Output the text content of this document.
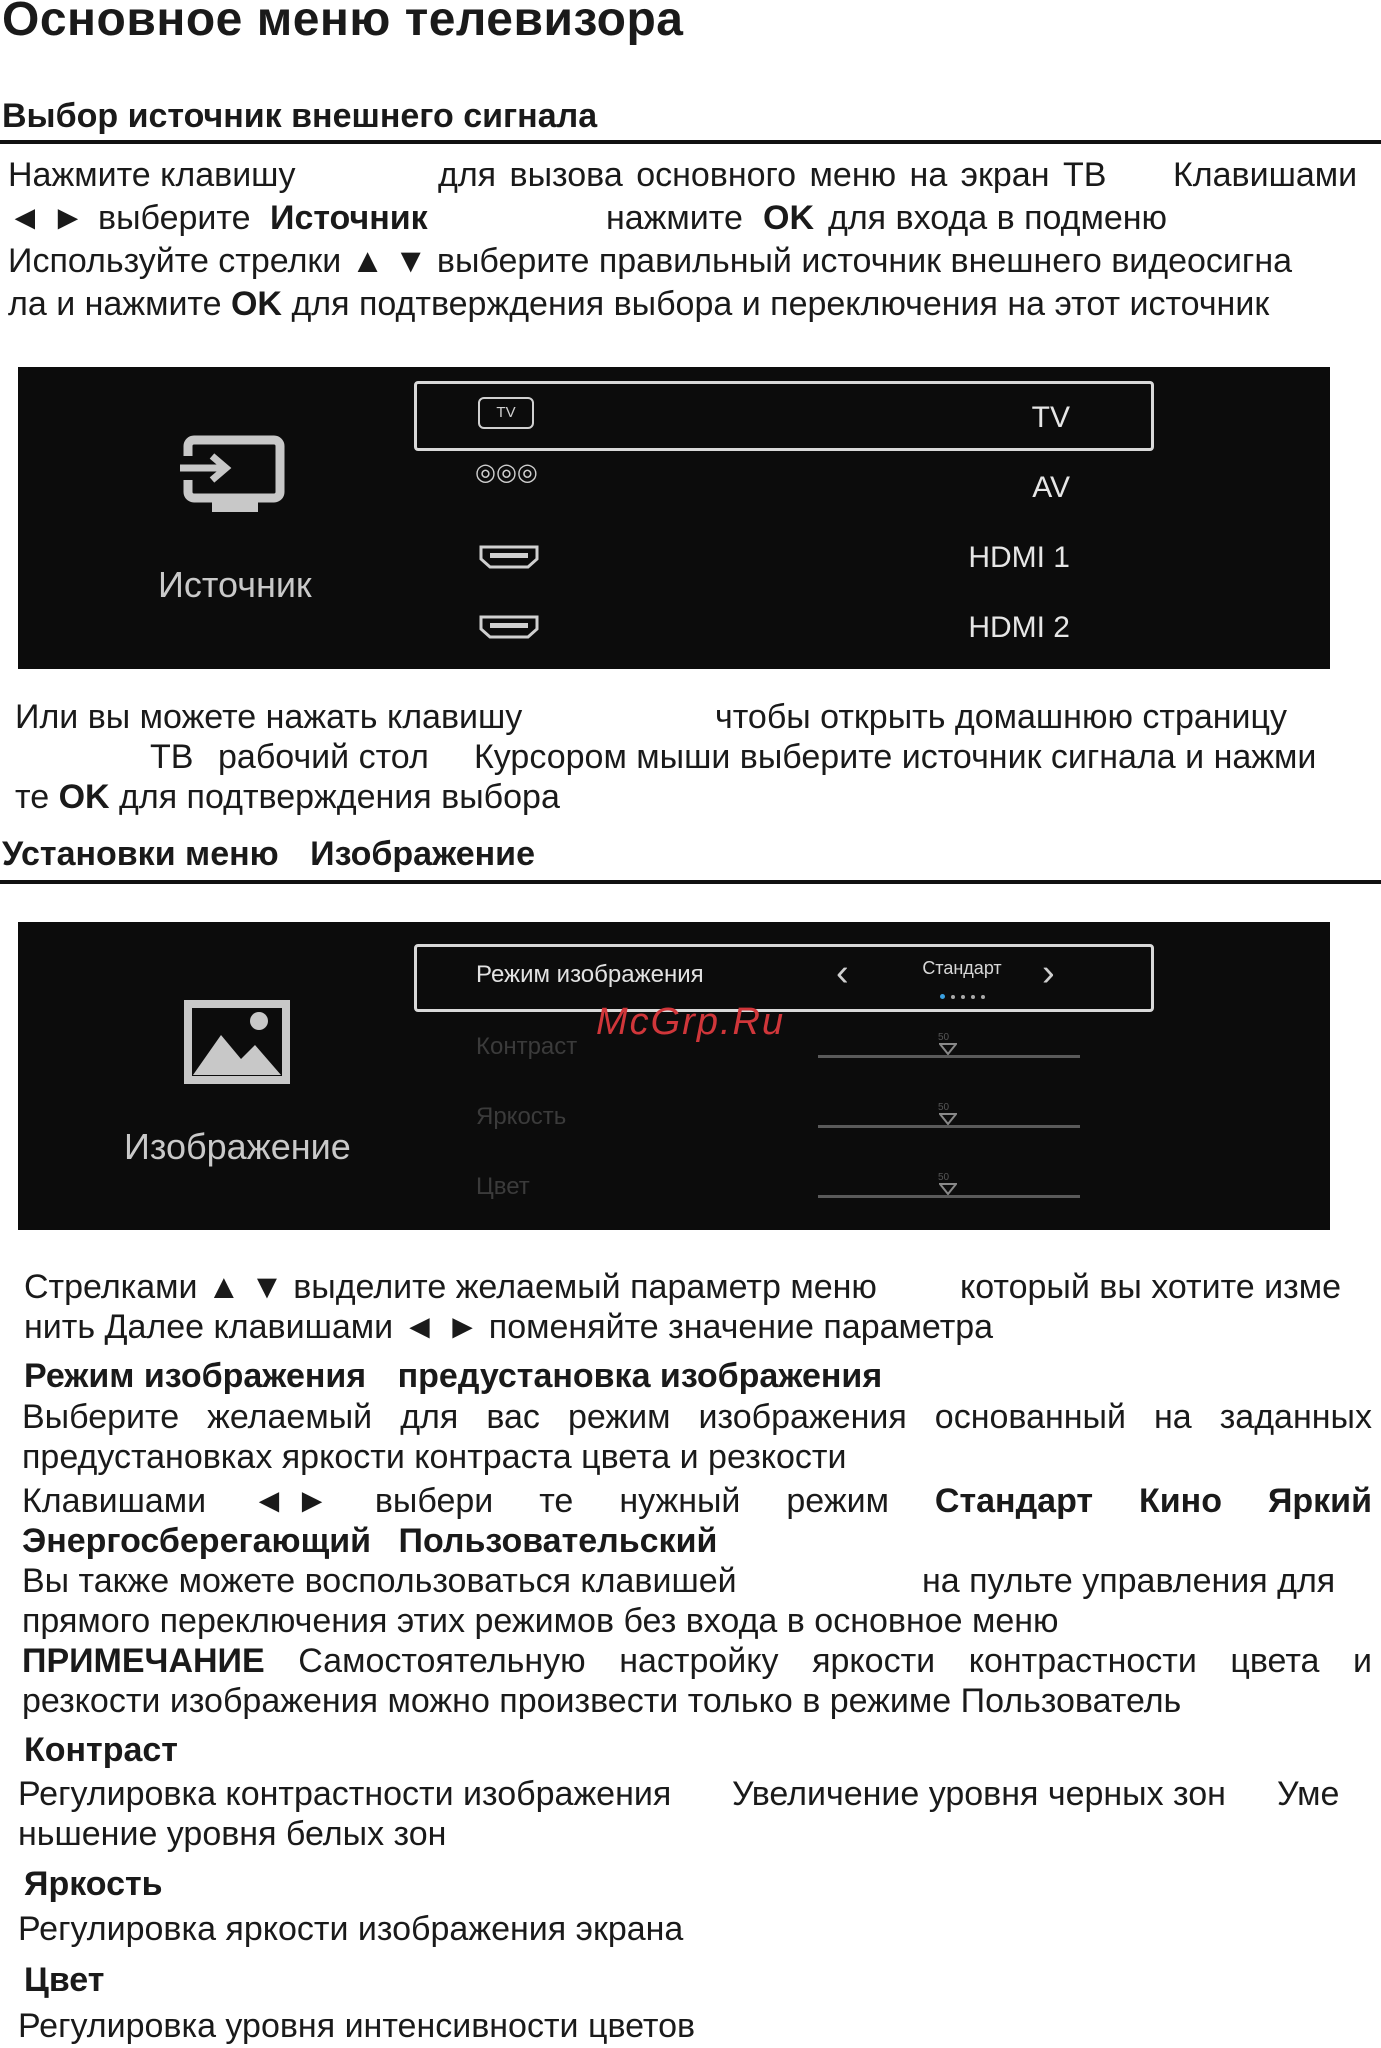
Основное меню телевизора
Выбор источник внешнего сигнала
Нажмите клавишу	для вызова основного меню на экран ТВ Клавишами
◄ ► выберите Источник	нажмите OK для входа в подменю
Используйте стрелки ▲ ▼ выберите правильный источник внешнего видеосигна
ла и нажмите OK для подтверждения выбора и переключения на этот источник
Источник
TV	TV
◎◎◎	AV
HDMI 1
HDMI 2
Или вы можете нажать клавишу	чтобы открыть домашнюю страницу
ТВ рабочий стол Курсором мыши выберите источник сигнала и нажми
те OK для подтверждения выбора
Установки меню Изображение
Изображение
Режим изображения	‹	Стандарт	›
Контраст	50
Яркость	50
Цвет	50
McGrp.Ru
Стрелками ▲ ▼ выделите желаемый параметр меню который вы хотите изме
нить Далее клавишами ◄ ► поменяйте значение параметра
Режим изображения предустановка изображения
Выберите желаемый для вас режим изображения основанный на заданных
предустановках яркости контраста цвета и резкости
Клавишами ◄ ► выбери те нужный режим Стандарт Кино Яркий
Энергосберегающий Пользовательский
Вы также можете воспользоваться клавишей	на пульте управления для
прямого переключения этих режимов без входа в основное меню
ПРИМЕЧАНИЕ Самостоятельную настройку яркости контрастности цвета и
резкости изображения можно произвести только в режиме Пользователь
Контраст
Регулировка контрастности изображения Увеличение уровня черных зон Уме
ньшение уровня белых зон
Яркость
Регулировка яркости изображения экрана
Цвет
Регулировка уровня интенсивности цветов
